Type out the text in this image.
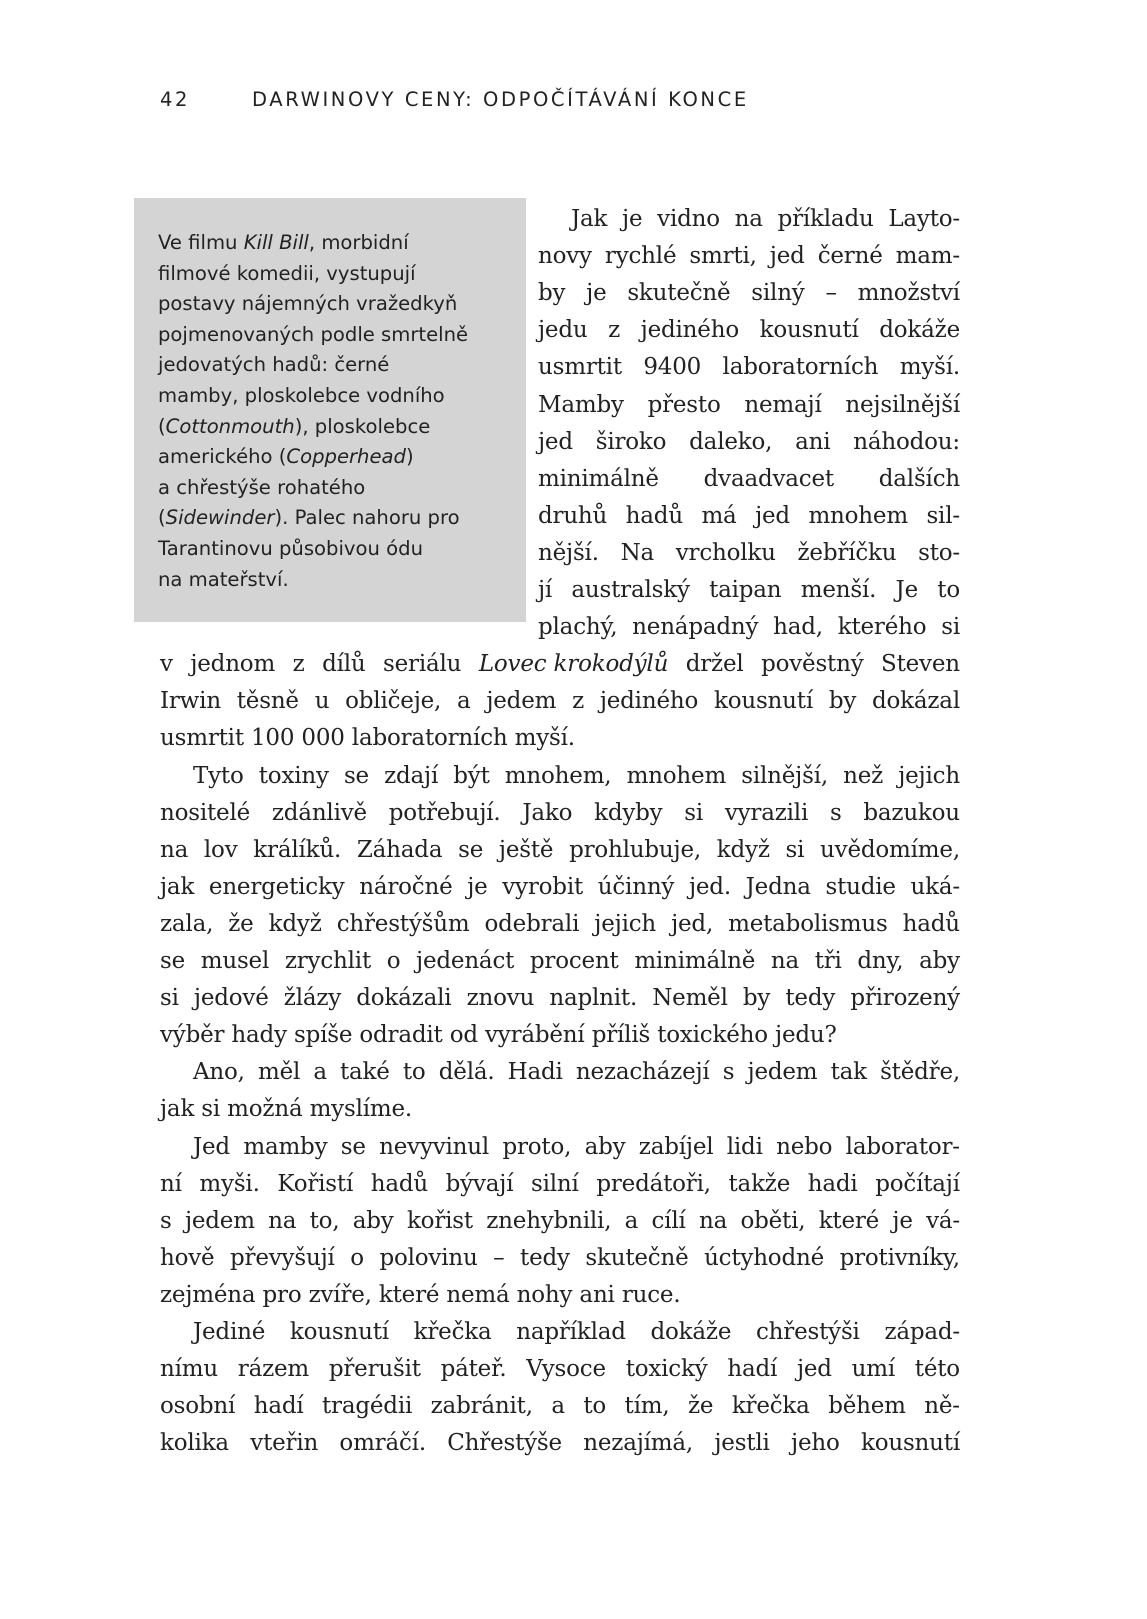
42	DARWINOVY CENY: ODPOČÍTÁVÁNÍ KONCE
Ve filmu Kill Bill, morbidní
filmové komedii, vystupují
postavy nájemných vražedkyň
pojmenovaných podle smrtelně
jedovatých hadů: černé
mamby, ploskolebce vodního
(Cottonmouth), ploskolebce
amerického (Copperhead)
a chřestýše rohatého
(Sidewinder). Palec nahoru pro
Tarantinovu působivou ódu
na mateřství.
Jak je vidno na příkladu Layto-
novy rychlé smrti, jed černé mam-
by je skutečně silný – množství
jedu z jediného kousnutí dokáže
usmrtit 9400 laboratorních myší.
Mamby přesto nemají nejsilnější
jed široko daleko, ani náhodou:
minimálně dvaadvacet dalších
druhů hadů má jed mnohem sil-
nější. Na vrcholku žebříčku sto-
jí australský taipan menší. Je to
plachý, nenápadný had, kterého si
v jednom z dílů seriálu Lovec krokodýlů držel pověstný Steven
Irwin těsně u obličeje, a jedem z jediného kousnutí by dokázal
usmrtit 100 000 laboratorních myší.
Tyto toxiny se zdají být mnohem, mnohem silnější, než jejich
nositelé zdánlivě potřebují. Jako kdyby si vyrazili s bazukou
na lov králíků. Záhada se ještě prohlubuje, když si uvědomíme,
jak energeticky náročné je vyrobit účinný jed. Jedna studie uká-
zala, že když chřestýšům odebrali jejich jed, metabolismus hadů
se musel zrychlit o jedenáct procent minimálně na tři dny, aby
si jedové žlázy dokázali znovu naplnit. Neměl by tedy přirozený
výběr hady spíše odradit od vyrábění příliš toxického jedu?
Ano, měl a také to dělá. Hadi nezacházejí s jedem tak štědře,
jak si možná myslíme.
Jed mamby se nevyvinul proto, aby zabíjel lidi nebo laborator-
ní myši. Kořistí hadů bývají silní predátoři, takže hadi počítají
s jedem na to, aby kořist znehybnili, a cílí na oběti, které je vá-
hově převyšují o polovinu – tedy skutečně úctyhodné protivníky,
zejména pro zvíře, které nemá nohy ani ruce.
Jediné kousnutí křečka například dokáže chřestýši západ-
nímu rázem přerušit páteř. Vysoce toxický hadí jed umí této
osobní hadí tragédii zabránit, a to tím, že křečka během ně-
kolika vteřin omráčí. Chřestýše nezajímá, jestli jeho kousnutí
